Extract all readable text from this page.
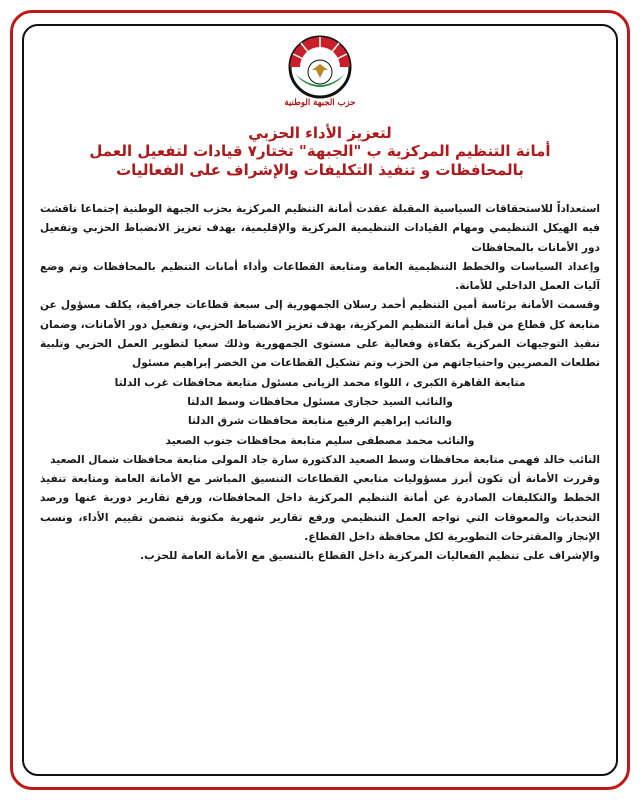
حزب الجبهة الوطنية
لتعزيز الأداء الحزبي
أمانة التنظيم المركزية ب "الجبهة" تختار٧ قيادات لتفعيل العمل
بالمحافظات و تنفيذ التكليفات والإشراف على الفعاليات

استعداداً للاستحقاقات السياسية المقبلة عقدت أمانة التنظيم المركزية بحزب الجبهة الوطنية إجتماعا ناقشت فيه الهيكل التنظيمي ومهام القيادات التنظيمية المركزية والإقليمية، بهدف تعزيز الانضباط الحزبي وتفعيل دور الأمانات بالمحافظات

وإعداد السياسات والخطط التنظيمية العامة ومتابعة القطاعات وأداء أمانات التنظيم بالمحافظات وتم وضع آليات العمل الداخلي للأمانة.

وقسمت الأمانة برئاسة أمين التنظيم أحمد رسلان الجمهورية إلى سبعة قطاعات جغرافية، يكلف مسؤول عن متابعة كل قطاع من قبل أمانة التنظيم المركزية، بهدف تعزيز الانضباط الحزبي، وتفعيل دور الأمانات، وضمان تنفيذ التوجيهات المركزية بكفاءة وفعالية على مستوى الجمهورية وذلك سعيا لتطوير العمل الحزبي وتلبية تطلعات المصريين واحتياجاتهم من الحزب وتم تشكيل القطاعات من الخضر إبراهيم مسئول

متابعة القاهرة الكبرى ، اللواء محمد الزيانى مسئول متابعة محافظات غرب الدلتا

والنائب السيد حجازى مسئول محافظات وسط الدلتا

والنائب إبراهيم الرفيع متابعة محافظات شرق الدلتا

والنائب محمد مصطفى سليم متابعة محافظات جنوب الصعيد

النائب خالد فهمى متابعة محافظات وسط الصعيد الدكتورة سارة جاد المولى متابعة محافظات شمال الصعيد

وقررت الأمانة أن تكون أبرز مسؤوليات متابعي القطاعات التنسيق المباشر مع الأمانة العامة ومتابعة تنفيذ الخطط والتكليفات الصادرة عن أمانة التنظيم المركزية داخل المحافظات، ورفع تقارير دورية عنها ورصد التحديات والمعوقات التي تواجه العمل التنظيمي ورفع تقارير شهرية مكتوبة تتضمن تقييم الأداء، ونسب الإنجاز والمقترحات التطويرية لكل محافظة داخل القطاع.

والإشراف على تنظيم الفعاليات المركزية داخل القطاع بالتنسيق مع الأمانة العامة للحزب.
